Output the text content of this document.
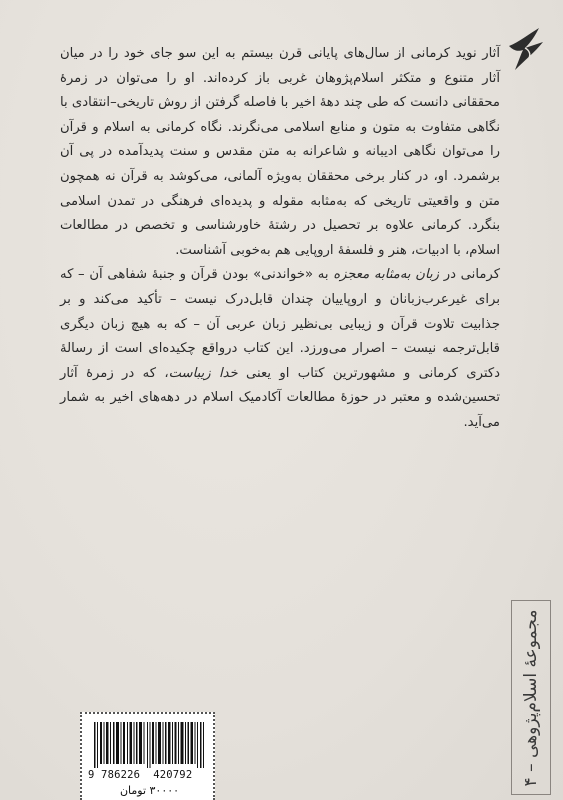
آثار نوید کرمانی از سال‌های پایانی قرن بیستم به این سو جای خود را در میان آثار متنوع و متکثر اسلام‌پژوهان غربی باز کرده‌اند. او را می‌توان در زمرهٔ محققانی دانست که طی چند دههٔ اخیر با فاصله گرفتن از روش تاریخی–انتقادی با نگاهی متفاوت به متون و منابع اسلامی می‌نگرند. نگاه کرمانی به اسلام و قرآن را می‌توان نگاهی ادیبانه و شاعرانه به متن مقدس و سنت پدیدآمده در پی آن برشمرد. او، در کنار برخی محققان به‌ویژه آلمانی، می‌کوشد به قرآن نه همچون متن و واقعیتی تاریخی که به‌مثابه مقوله و پدیده‌ای فرهنگی در تمدن اسلامی بنگرد. کرمانی علاوه بر تحصیل در رشتهٔ خاورشناسی و تخصص در مطالعات اسلام، با ادبیات، هنر و فلسفهٔ اروپایی هم به‌خوبی آشناست.

کرمانی در زبان به‌مثابه معجزه به «خواندنی» بودن قرآن و جنبهٔ شفاهی آن – که برای غیرعرب‌زبانان و اروپاییان چندان قابل‌درک نیست – تأکید می‌کند و بر جذابیت تلاوت قرآن و زیبایی بی‌نظیر زبان عربی آن – که به هیچ زبان دیگری قابل‌ترجمه نیست – اصرار می‌ورزد. این کتاب درواقع چکیده‌ای است از رسالهٔ دکتری کرمانی و مشهورترین کتاب او یعنی خدا زیباست، که در زمرهٔ آثار تحسین‌شده و معتبر در حوزهٔ مطالعات آکادمیک اسلام در دهه‌های اخیر به شمار می‌آید.

مجموعهٔ اسلام‌پژوهی – ۴
9 786226  420792
۳۰۰۰۰ تومان
